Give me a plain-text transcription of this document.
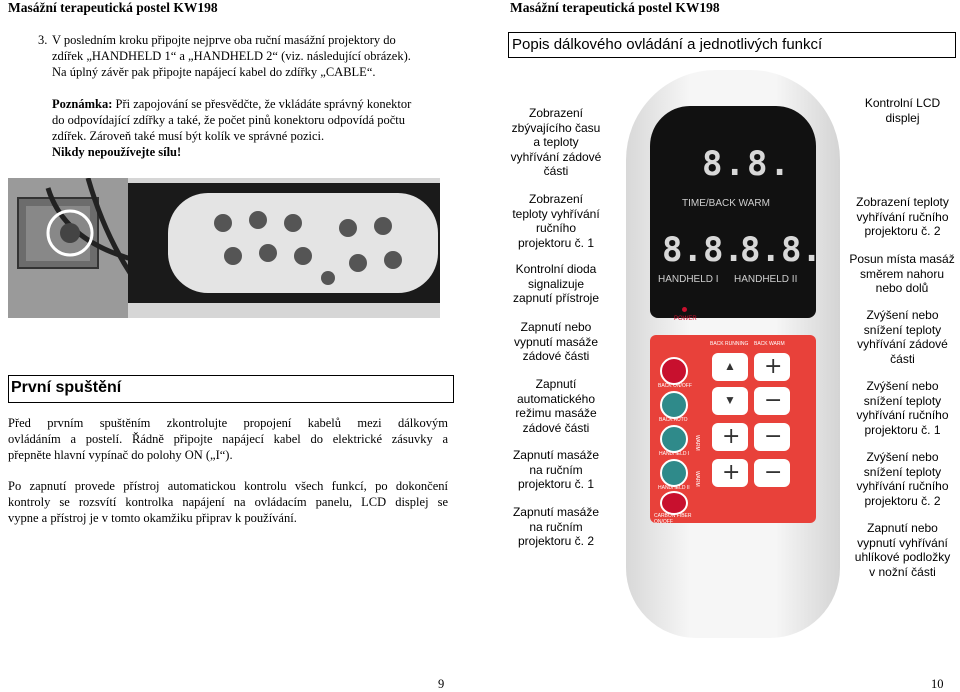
Masážní terapeutická postel KW198
3. V posledním kroku připojte nejprve oba ruční masážní projektory do
zdířek „HANDHELD 1“ a „HANDHELD 2“ (viz. následující obrázek).
Na úplný závěr pak připojte napájecí kabel do zdířky „CABLE“.
Poznámka: Při zapojování se přesvědčte, že vkládáte správný konektor
do odpovídající zdířky a také, že počet pinů konektoru odpovídá počtu
zdířek. Zároveň také musí být kolík ve správné pozici.
Nikdy nepoužívejte sílu!
První spuštění
Před prvním spuštěním zkontrolujte propojení kabelů mezi dálkovým
ovládáním a postelí. Řádně připojte napájecí kabel do elektrické zásuvky a
přepněte hlavní vypínač do polohy ON („I“).
Po zapnutí provede přístroj automatickou kontrolu všech funkcí, po dokončení
kontroly se rozsvítí kontrolka napájení na ovládacím panelu, LCD displej se
vypne a přístroj je v tomto okamžiku připrav k používání.
9
Masážní terapeutická postel KW198
Popis dálkového ovládání a jednotlivých funkcí
Zobrazení
zbývajícího času
a teploty
vyhřívání zádové
části
Zobrazení
teploty vyhřívání
ručního
projektoru č. 1
Kontrolní dioda
signalizuje
zapnutí přístroje
Zapnutí nebo
vypnutí masáže
zádové části
Zapnutí
automatického
režimu masáže
zádové části
Zapnutí masáže
na ručním
projektoru č. 1
Zapnutí masáže
na ručním
projektoru č. 2
Kontrolní LCD
displej
Zobrazení teploty
vyhřívání ručního
projektoru č. 2
Posun místa masáž
směrem nahoru
nebo dolů
Zvýšení nebo
snížení teploty
vyhřívání zádové
části
Zvýšení nebo
snížení teploty
vyhřívání ručního
projektoru č. 1
Zvýšení nebo
snížení teploty
vyhřívání ručního
projektoru č. 2
Zapnutí nebo
vypnutí vyhřívání
uhlíkové podložky
v nožní části
8.8.
TIME/BACK WARM
8.8.
8.8.
HANDHELD I HANDHELD II
POWER
BACK RUNNING BACK WARM
BACK ON/OFF
BACK AUTO
HANDHELD I
HANDHELD II
CARBON FIBER ON/OFF
▲
▼
+
−
WARM + −
WARM + −
10
